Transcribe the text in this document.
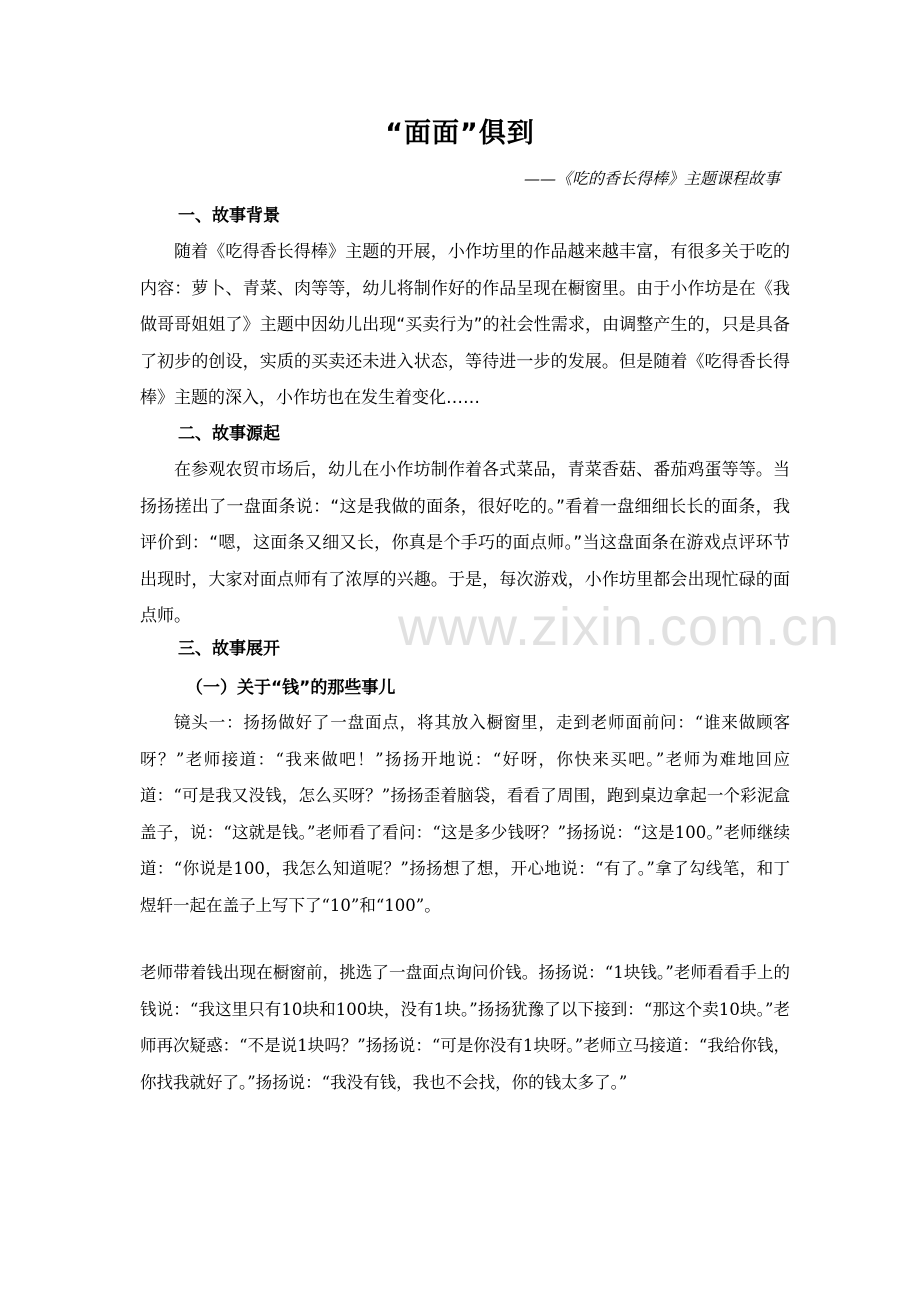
“面面”俱到
——《吃的香长得棒》主题课程故事
一、故事背景
随着《吃得香长得棒》主题的开展，小作坊里的作品越来越丰富，有很多关于吃的内容：萝卜、青菜、肉等等，幼儿将制作好的作品呈现在橱窗里。由于小作坊是在《我做哥哥姐姐了》主题中因幼儿出现“买卖行为”的社会性需求，由调整产生的，只是具备了初步的创设，实质的买卖还未进入状态，等待进一步的发展。但是随着《吃得香长得棒》主题的深入，小作坊也在发生着变化……
二、故事源起
在参观农贸市场后，幼儿在小作坊制作着各式菜品，青菜香菇、番茄鸡蛋等等。当扬扬搓出了一盘面条说：“这是我做的面条，很好吃的。”看着一盘细细长长的面条，我评价到：“嗯，这面条又细又长，你真是个手巧的面点师。”当这盘面条在游戏点评环节出现时，大家对面点师有了浓厚的兴趣。于是，每次游戏，小作坊里都会出现忙碌的面点师。
三、故事展开
（一）关于“钱”的那些事儿
镜头一：扬扬做好了一盘面点，将其放入橱窗里，走到老师面前问：“谁来做顾客呀？”老师接道：“我来做吧！”扬扬开地说：“好呀，你快来买吧。”老师为难地回应道：“可是我又没钱，怎么买呀？”扬扬歪着脑袋，看看了周围，跑到桌边拿起一个彩泥盒盖子，说：“这就是钱。”老师看了看问：“这是多少钱呀？”扬扬说：“这是100。”老师继续道：“你说是100，我怎么知道呢？”扬扬想了想，开心地说：“有了。”拿了勾线笔，和丁煜轩一起在盖子上写下了“10”和“100”。
老师带着钱出现在橱窗前，挑选了一盘面点询问价钱。扬扬说：“1块钱。”老师看看手上的钱说：“我这里只有10块和100块，没有1块。”扬扬犹豫了以下接到：“那这个卖10块。”老师再次疑惑：“不是说1块吗？”扬扬说：“可是你没有1块呀。”老师立马接道：“我给你钱，你找我就好了。”扬扬说：“我没有钱，我也不会找，你的钱太多了。”
www.zixin.com.cn
